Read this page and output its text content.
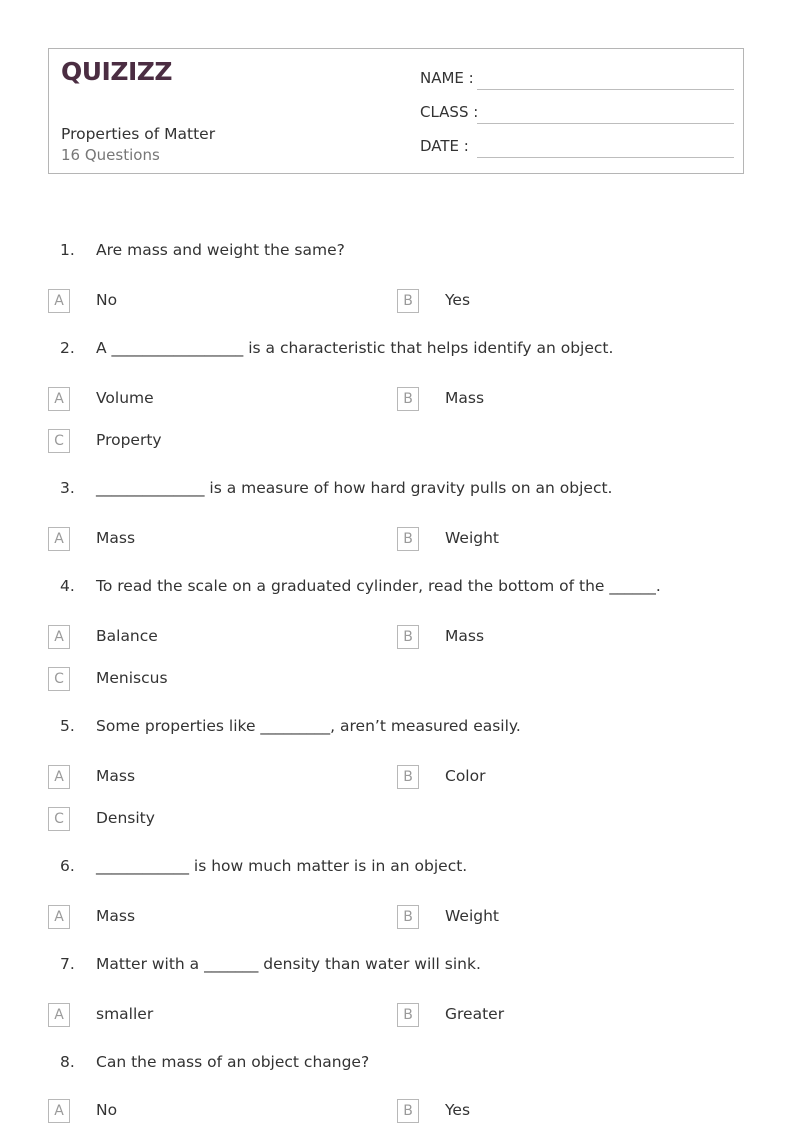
QUIZIZZ
Properties of Matter
16 Questions
NAME :
CLASS :
DATE :
1. Are mass and weight the same?
A	No	B	Yes
2. A _________________ is a characteristic that helps identify an object.
A	Volume	B	Mass
C	Property
3. ______________ is a measure of how hard gravity pulls on an object.
A	Mass	B	Weight
4. To read the scale on a graduated cylinder, read the bottom of the ______.
A	Balance	B	Mass
C	Meniscus
5. Some properties like _________, aren’t measured easily.
A	Mass	B	Color
C	Density
6. ____________ is how much matter is in an object.
A	Mass	B	Weight
7. Matter with a _______ density than water will sink.
A	smaller	B	Greater
8. Can the mass of an object change?
A	No	B	Yes
